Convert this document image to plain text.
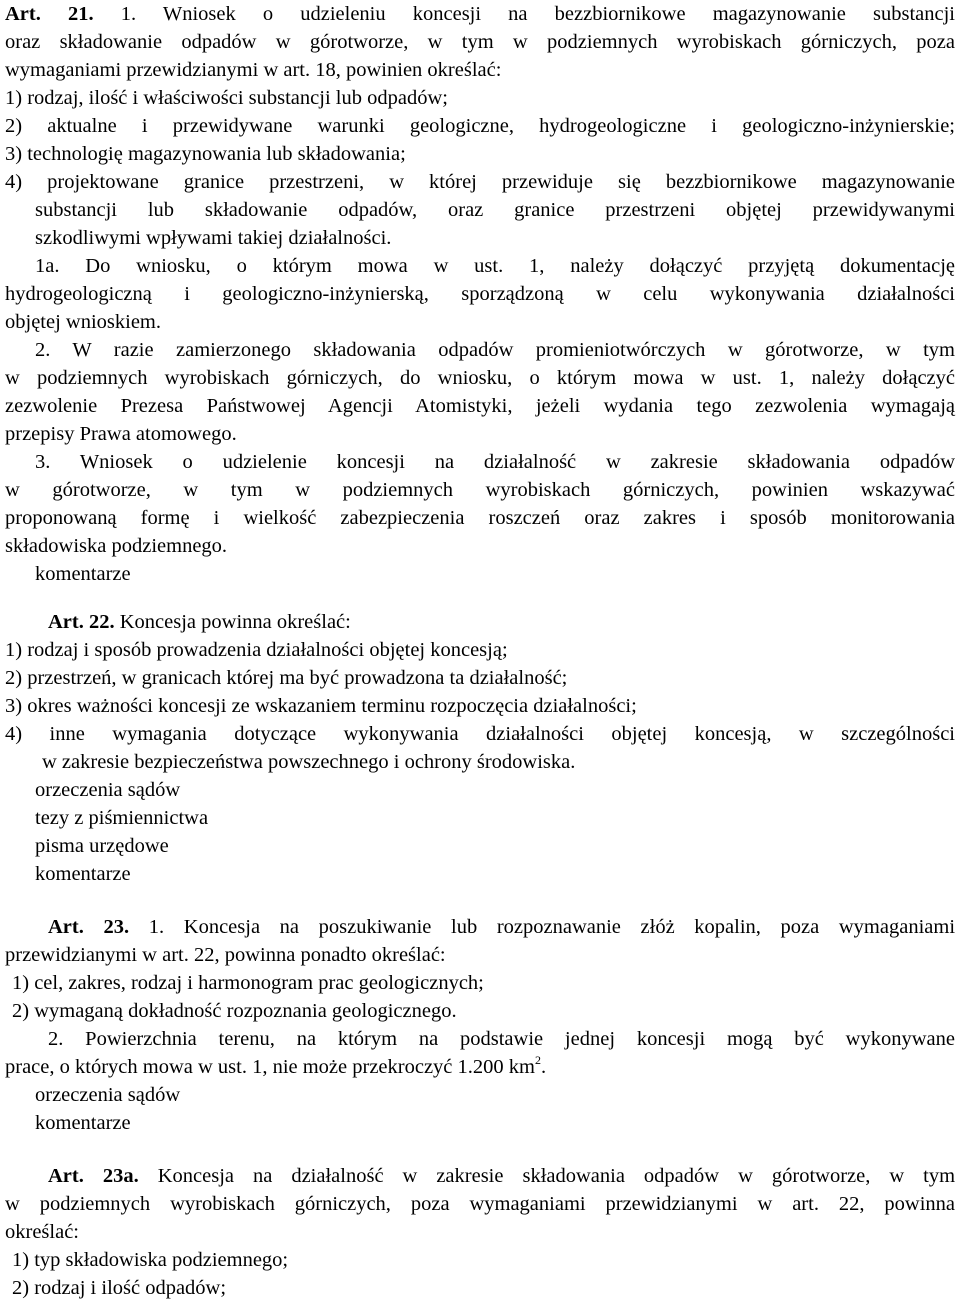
Art. 21. 1. Wniosek o udzieleniu koncesji na bezzbiornikowe magazynowanie substancji
oraz składowanie odpadów w górotworze, w tym w podziemnych wyrobiskach górniczych, poza
wymaganiami przewidzianymi w art. 18, powinien określać:
1) rodzaj, ilość i właściwości substancji lub odpadów;
2) aktualne i przewidywane warunki geologiczne, hydrogeologiczne i geologiczno-inżynierskie;
3) technologię magazynowania lub składowania;
4) projektowane granice przestrzeni, w której przewiduje się bezzbiornikowe magazynowanie
substancji lub składowanie odpadów, oraz granice przestrzeni objętej przewidywanymi
szkodliwymi wpływami takiej działalności.
1a. Do wniosku, o którym mowa w ust. 1, należy dołączyć przyjętą dokumentację
hydrogeologiczną i geologiczno-inżynierską, sporządzoną w celu wykonywania działalności
objętej wnioskiem.
2. W razie zamierzonego składowania odpadów promieniotwórczych w górotworze, w tym
w podziemnych wyrobiskach górniczych, do wniosku, o którym mowa w ust. 1, należy dołączyć
zezwolenie Prezesa Państwowej Agencji Atomistyki, jeżeli wydania tego zezwolenia wymagają
przepisy Prawa atomowego.
3. Wniosek o udzielenie koncesji na działalność w zakresie składowania odpadów
w górotworze, w tym w podziemnych wyrobiskach górniczych, powinien wskazywać
proponowaną formę i wielkość zabezpieczenia roszczeń oraz zakres i sposób monitorowania
składowiska podziemnego.
komentarze
Art. 22. Koncesja powinna określać:
1) rodzaj i sposób prowadzenia działalności objętej koncesją;
2) przestrzeń, w granicach której ma być prowadzona ta działalność;
3) okres ważności koncesji ze wskazaniem terminu rozpoczęcia działalności;
4) inne wymagania dotyczące wykonywania działalności objętej koncesją, w szczególności
w zakresie bezpieczeństwa powszechnego i ochrony środowiska.
orzeczenia sądów
tezy z piśmiennictwa
pisma urzędowe
komentarze
Art. 23. 1. Koncesja na poszukiwanie lub rozpoznawanie złóż kopalin, poza wymaganiami
przewidzianymi w art. 22, powinna ponadto określać:
1) cel, zakres, rodzaj i harmonogram prac geologicznych;
2) wymaganą dokładność rozpoznania geologicznego.
2. Powierzchnia terenu, na którym na podstawie jednej koncesji mogą być wykonywane
prace, o których mowa w ust. 1, nie może przekroczyć 1.200 $km^2$.
orzeczenia sądów
komentarze
Art. 23a. Koncesja na działalność w zakresie składowania odpadów w górotworze, w tym
w podziemnych wyrobiskach górniczych, poza wymaganiami przewidzianymi w art. 22, powinna
określać:
1) typ składowiska podziemnego;
2) rodzaj i ilość odpadów;
